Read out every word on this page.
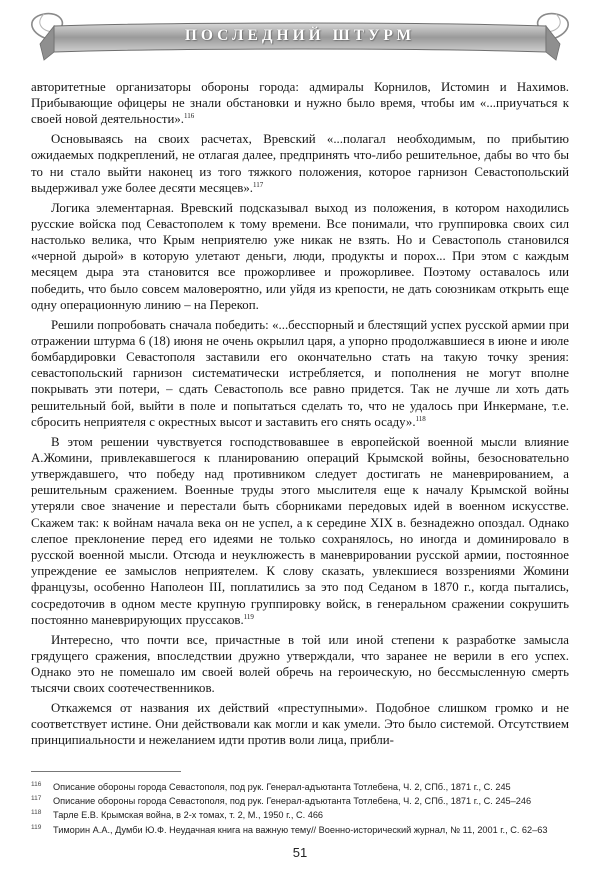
ПОСЛЕДНИЙ ШТУРМ

авторитетные организаторы обороны города: адмиралы Корнилов, Истомин и Нахимов. Прибывающие офицеры не знали обстановки и нужно было время, чтобы им «...приучаться к своей новой деятельности».$^{116}$

Основываясь на своих расчетах, Вревский «...полагал необходимым, по прибытию ожидаемых подкреплений, не отлагая далее, предпринять что-либо решительное, дабы во что бы то ни стало выйти наконец из того тяжкого положения, которое гарнизон Севастопольский выдерживал уже более десяти месяцев».$^{117}$

Логика элементарная. Вревский подсказывал выход из положения, в котором находились русские войска под Севастополем к тому времени. Все понимали, что группировка своих сил настолько велика, что Крым неприятелю уже никак не взять. Но и Севастополь становился «черной дырой» в которую улетают деньги, люди, продукты и порох... При этом с каждым месяцем дыра эта становится все прожорливее и прожорливее. Поэтому оставалось или победить, что было совсем маловероятно, или уйдя из крепости, не дать союзникам открыть еще одну операционную линию – на Перекоп.

Решили попробовать сначала победить: «...бесспорный и блестящий успех русской армии при отражении штурма 6 (18) июня не очень окрылил царя, а упорно продолжавшиеся в июне и июле бомбардировки Севастополя заставили его окончательно стать на такую точку зрения: севастопольский гарнизон систематически истребляется, и пополнения не могут вполне покрывать эти потери, – сдать Севастополь все равно придется. Так не лучше ли хоть дать решительный бой, выйти в поле и попытаться сделать то, что не удалось при Инкермане, т.е. сбросить неприятеля с окрестных высот и заставить его снять осаду».$^{118}$

В этом решении чувствуется господствовавшее в европейской военной мысли влияние А.Жомини, привлекавшегося к планированию операций Крымской войны, безосновательно утверждавшего, что победу над противником следует достигать не маневрированием, а решительным сражением. Военные труды этого мыслителя еще к началу Крымской войны утеряли свое значение и перестали быть сборниками передовых идей в военном искусстве. Скажем так: к войнам начала века он не успел, а к середине XIX в. безнадежно опоздал. Однако слепое преклонение перед его идеями не только сохранялось, но иногда и доминировало в русской военной мысли. Отсюда и неуклюжесть в маневрировании русской армии, постоянное упреждение ее замыслов неприятелем. К слову сказать, увлекшиеся воззрениями Жомини французы, особенно Наполеон III, поплатились за это под Седаном в 1870 г., когда пытались, сосредоточив в одном месте крупную группировку войск, в генеральном сражении сокрушить постоянно маневрирующих пруссаков.$^{119}$

Интересно, что почти все, причастные в той или иной степени к разработке замысла грядущего сражения, впоследствии дружно утверждали, что заранее не верили в его успех. Однако это не помешало им своей волей обречь на героическую, но бессмысленную смерть тысячи своих соотечественников.

Откажемся от названия их действий «преступными». Подобное слишком громко и не соответствует истине. Они действовали как могли и как умели. Это было системой. Отсутствием принципиальности и нежеланием идти против воли лица, прибли-

116	Описание обороны города Севастополя, под рук. Генерал-адъютанта Тотлебена, Ч. 2, СПб., 1871 г., С. 245
117	Описание обороны города Севастополя, под рук. Генерал-адъютанта Тотлебена, Ч. 2, СПб., 1871 г., С. 245–246
118	Тарле Е.В. Крымская война, в 2-х томах, т. 2, М., 1950 г., С. 466
119	Тиморин А.А., Думби Ю.Ф. Неудачная книга на важную тему// Военно-исторический журнал, № 11, 2001 г., С. 62–63
51
